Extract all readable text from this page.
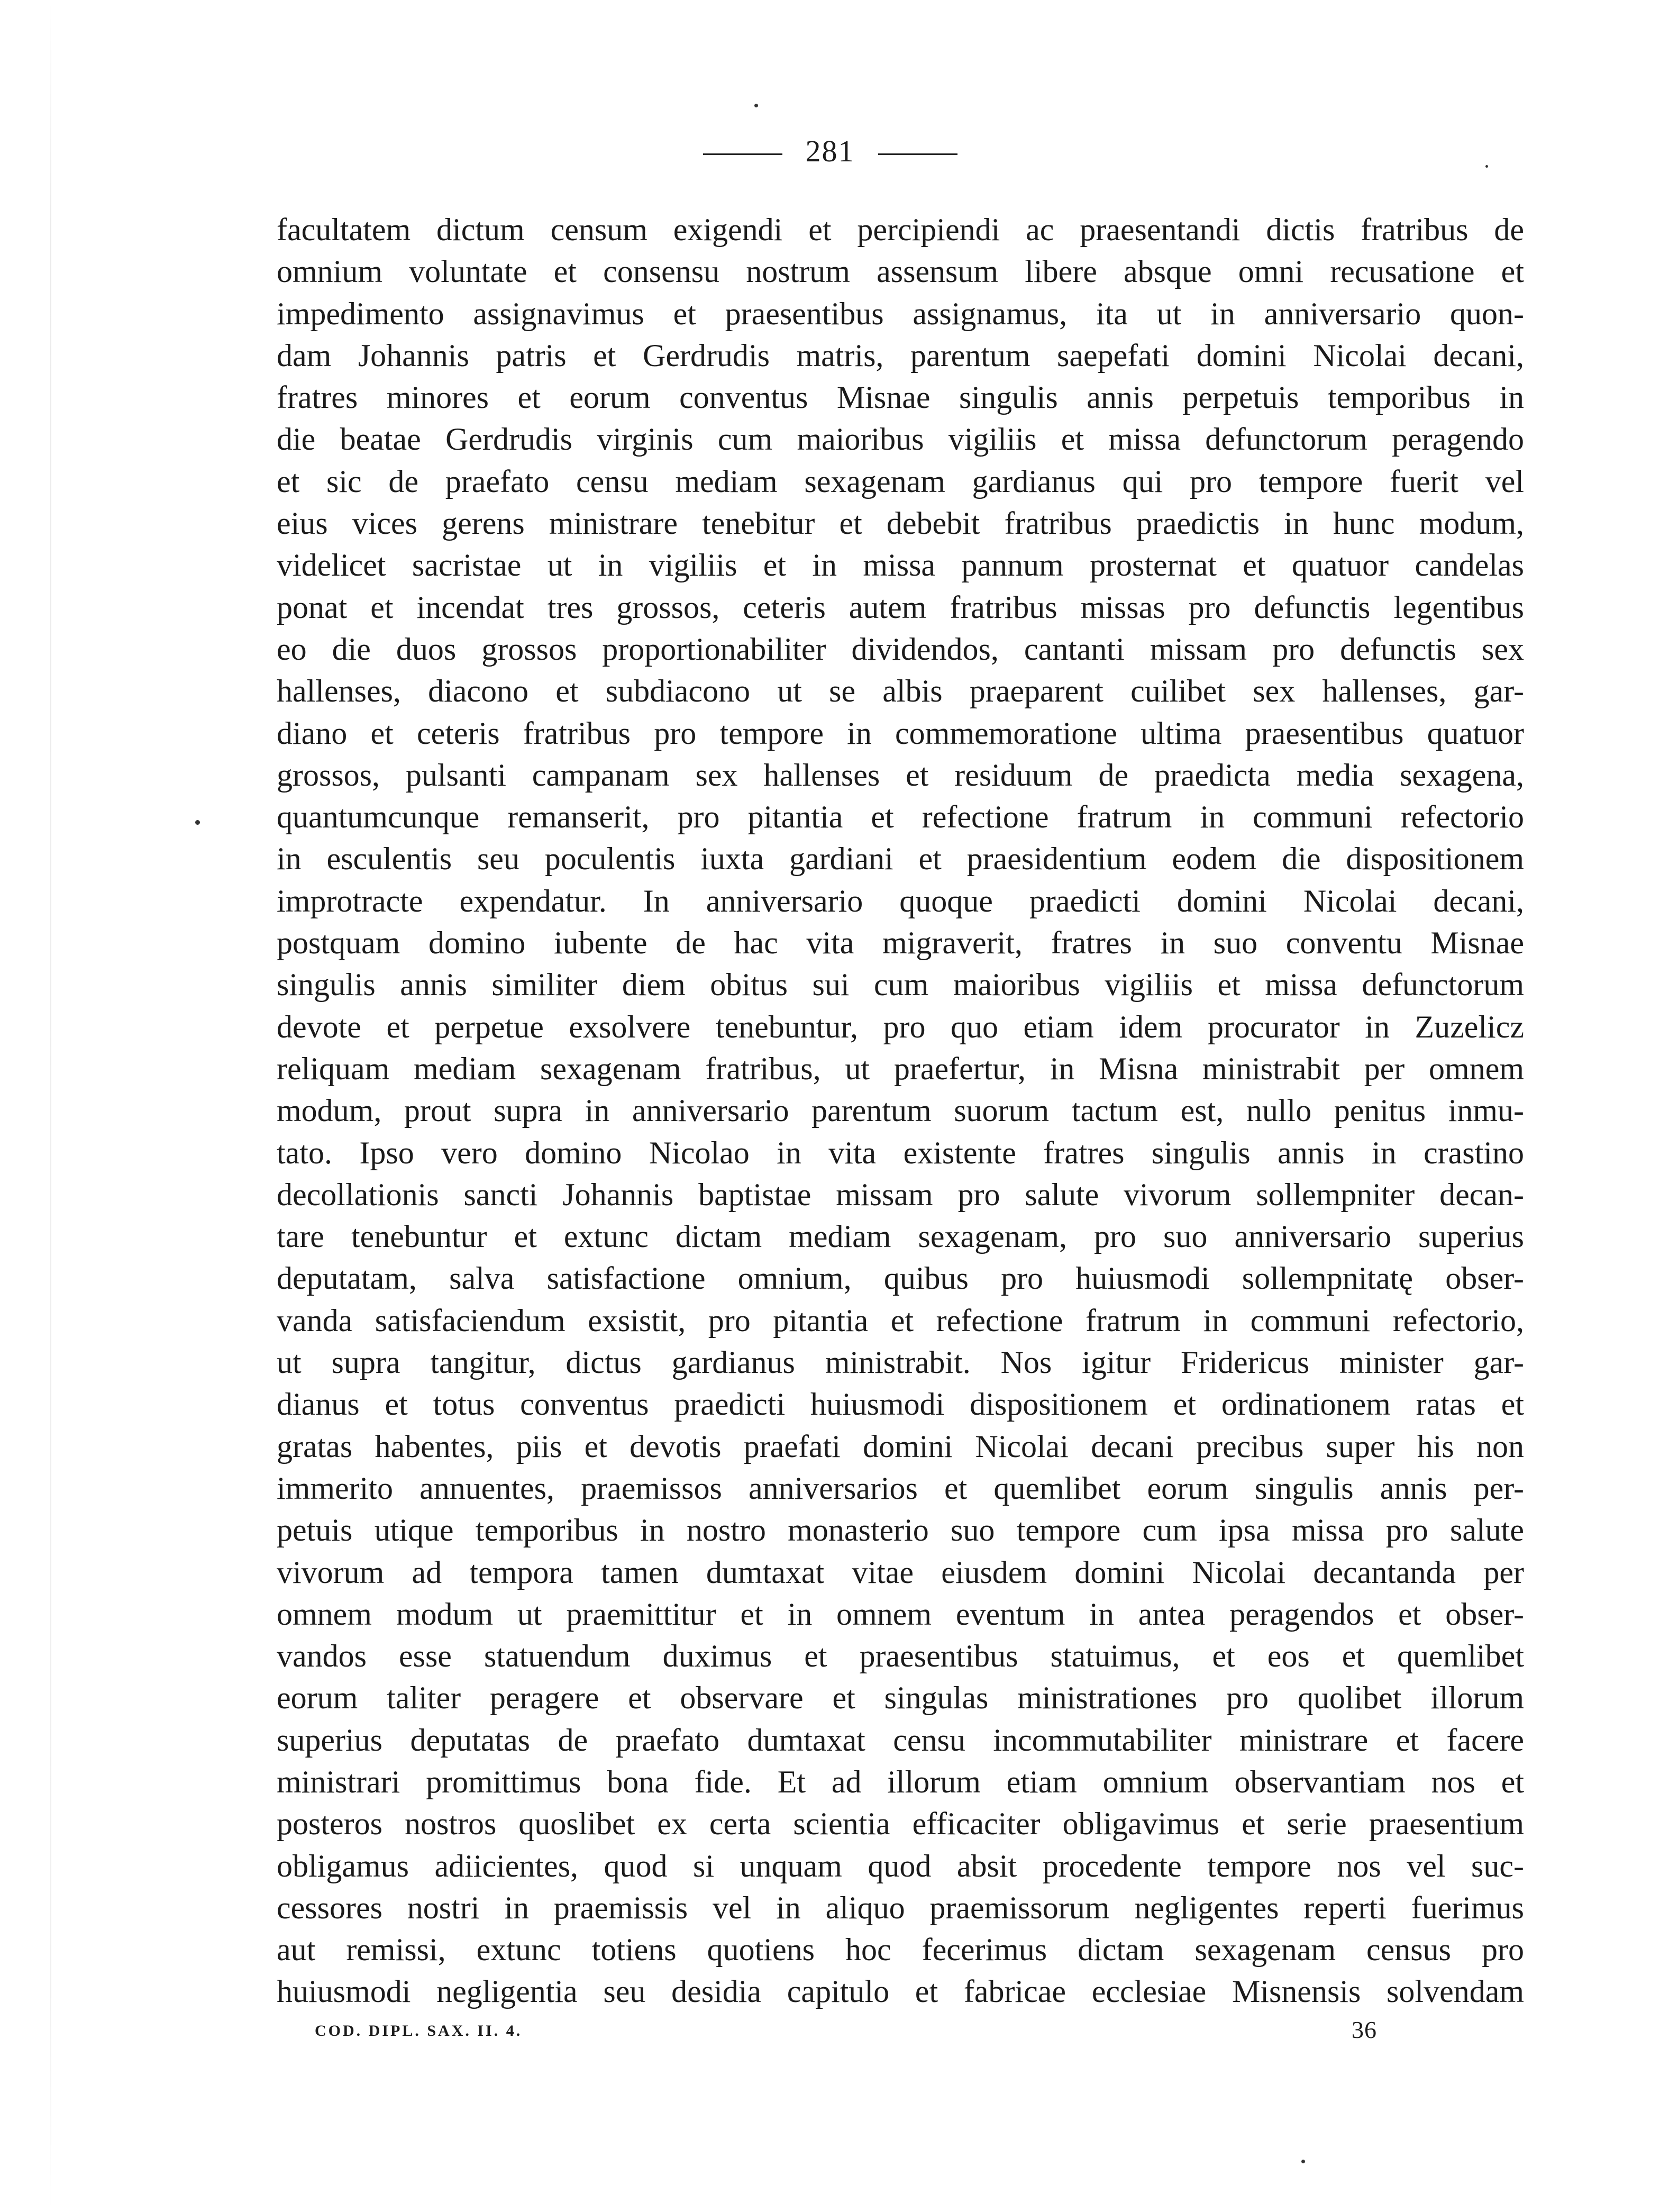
281
facultatem dictum censum exigendi et percipiendi ac praesentandi dictis fratribus de
omnium voluntate et consensu nostrum assensum libere absque omni recusatione et
impedimento assignavimus et praesentibus assignamus, ita ut in anniversario quon-
dam Johannis patris et Gerdrudis matris, parentum saepefati domini Nicolai decani,
fratres minores et eorum conventus Misnae singulis annis perpetuis temporibus in
die beatae Gerdrudis virginis cum maioribus vigiliis et missa defunctorum peragendo
et sic de praefato censu mediam sexagenam gardianus qui pro tempore fuerit vel
eius vices gerens ministrare tenebitur et debebit fratribus praedictis in hunc modum,
videlicet sacristae ut in vigiliis et in missa pannum prosternat et quatuor candelas
ponat et incendat tres grossos, ceteris autem fratribus missas pro defunctis legentibus
eo die duos grossos proportionabiliter dividendos, cantanti missam pro defunctis sex
hallenses, diacono et subdiacono ut se albis praeparent cuilibet sex hallenses, gar-
diano et ceteris fratribus pro tempore in commemoratione ultima praesentibus quatuor
grossos, pulsanti campanam sex hallenses et residuum de praedicta media sexagena,
quantumcunque remanserit, pro pitantia et refectione fratrum in communi refectorio
in esculentis seu poculentis iuxta gardiani et praesidentium eodem die dispositionem
improtracte expendatur. In anniversario quoque praedicti domini Nicolai decani,
postquam domino iubente de hac vita migraverit, fratres in suo conventu Misnae
singulis annis similiter diem obitus sui cum maioribus vigiliis et missa defunctorum
devote et perpetue exsolvere tenebuntur, pro quo etiam idem procurator in Zuzelicz
reliquam mediam sexagenam fratribus, ut praefertur, in Misna ministrabit per omnem
modum, prout supra in anniversario parentum suorum tactum est, nullo penitus inmu-
tato. Ipso vero domino Nicolao in vita existente fratres singulis annis in crastino
decollationis sancti Johannis baptistae missam pro salute vivorum sollempniter decan-
tare tenebuntur et extunc dictam mediam sexagenam, pro suo anniversario superius
deputatam, salva satisfactione omnium, quibus pro huiusmodi sollempnitatę obser-
vanda satisfaciendum exsistit, pro pitantia et refectione fratrum in communi refectorio,
ut supra tangitur, dictus gardianus ministrabit. Nos igitur Fridericus minister gar-
dianus et totus conventus praedicti huiusmodi dispositionem et ordinationem ratas et
gratas habentes, piis et devotis praefati domini Nicolai decani precibus super his non
immerito annuentes, praemissos anniversarios et quemlibet eorum singulis annis per-
petuis utique temporibus in nostro monasterio suo tempore cum ipsa missa pro salute
vivorum ad tempora tamen dumtaxat vitae eiusdem domini Nicolai decantanda per
omnem modum ut praemittitur et in omnem eventum in antea peragendos et obser-
vandos esse statuendum duximus et praesentibus statuimus, et eos et quemlibet
eorum taliter peragere et observare et singulas ministrationes pro quolibet illorum
superius deputatas de praefato dumtaxat censu incommutabiliter ministrare et facere
ministrari promittimus bona fide. Et ad illorum etiam omnium observantiam nos et
posteros nostros quoslibet ex certa scientia efficaciter obligavimus et serie praesentium
obligamus adiicientes, quod si unquam quod absit procedente tempore nos vel suc-
cessores nostri in praemissis vel in aliquo praemissorum negligentes reperti fuerimus
aut remissi, extunc totiens quotiens hoc fecerimus dictam sexagenam census pro
huiusmodi negligentia seu desidia capitulo et fabricae ecclesiae Misnensis solvendam
COD. DIPL. SAX. II. 4.	36
